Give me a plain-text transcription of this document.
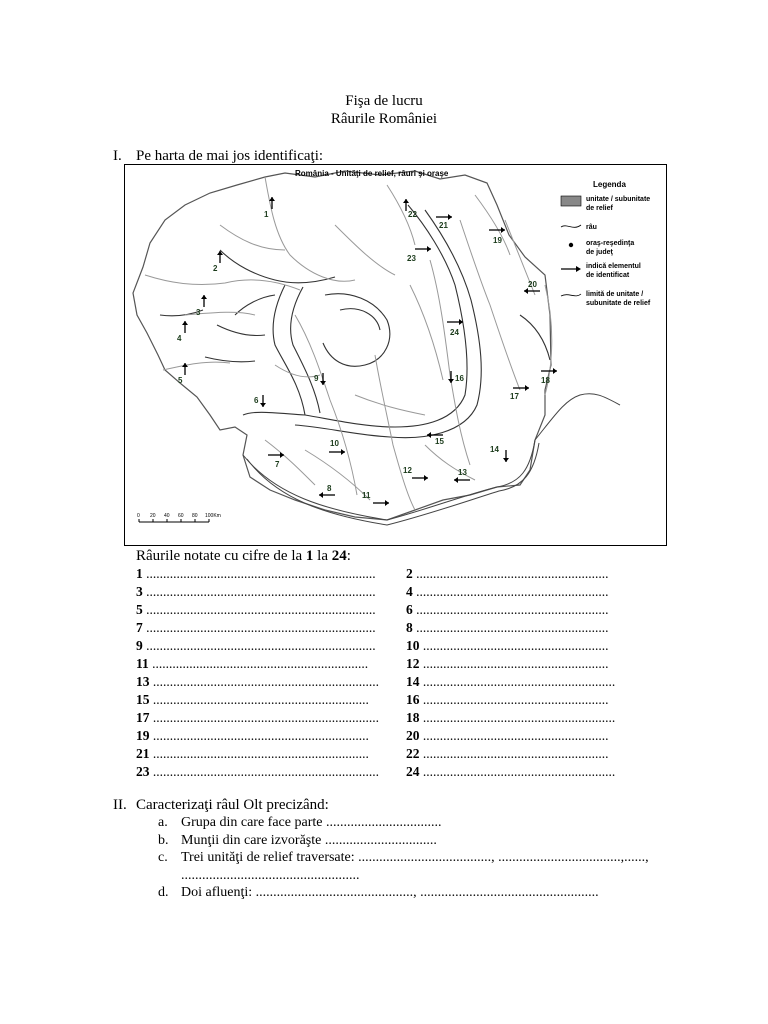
Fişa de lucru
Râurile României
I. Pe harta de mai jos identificaţi:
România - Unităţi de relief, râuri şi oraşe
Legenda
unitate / subunitate
de relief
râu
oraş-reşedinţa
de judeţ
indică elementul
de identificat
limită de unitate /
subunitate de relief
0 20 40 60 80 100Km
1
2
3
4
5
6
7
8
9
10
11
12	13
14
15
16
17
18
19
20
21
22
23
24
Râurile notate cu cifre de la 1 la 24:
1 .................................................................... 2 .........................................................
3 .................................................................... 4 .........................................................
5 .................................................................... 6 .........................................................
7 .................................................................... 8 .........................................................
9 .................................................................... 10 .......................................................
11 ................................................................	12 .......................................................
13 ................................................................... 14 .........................................................
15 ................................................................	16 .......................................................
17 ................................................................... 18 .........................................................
19 ................................................................	20 .......................................................
21 ................................................................	22 .......................................................
23 ................................................................... 24 .........................................................
II. Caracterizaţi râul Olt precizând:
a. Grupa din care face parte .................................
b. Munţii din care izvorăşte ................................
c. Trei unităţi de relief traversate: ......................................, ...................................,......,
...................................................
d. Doi afluenţi: ............................................., ...................................................
